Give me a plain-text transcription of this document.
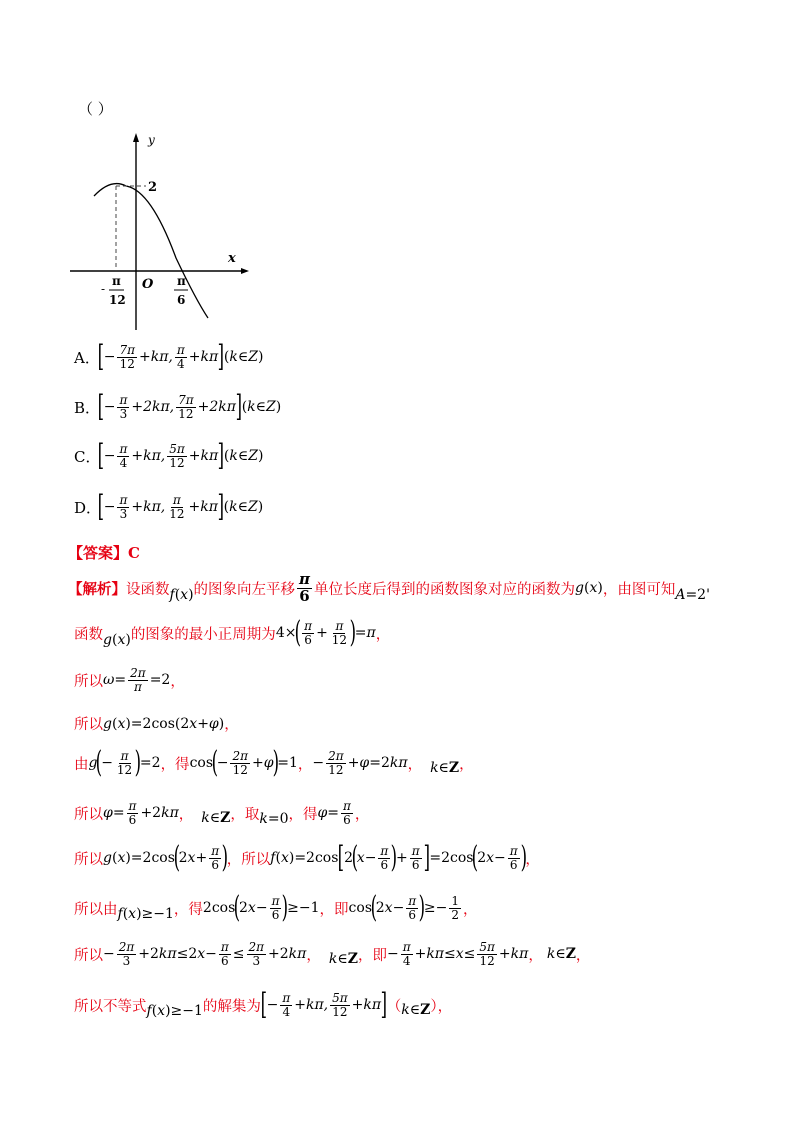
（ ）
y
x
2
O
π
12
-
π
6
A．
[ − $\frac{7\pi}{12} + k$ π, $\frac{\pi}{4} + k$ π ] ( k ∈ Z )
B．
[ − $\frac{\pi}{3} +2$ k π, $\frac{7\pi}{12} +2$ k π ] ( k ∈ Z )
C．
[ − $\frac{\pi}{4} + k$ π, $\frac{5\pi}{12} + k$ π ] ( k ∈ Z )
D．
[ − $\frac{\pi}{3} + k$ π, $\frac{\pi}{12} + k$ π ] ( k ∈ Z )
【答案】 C
【解析】 设函数 f ( x ) 的图象向左平移 $\frac{\pi}{6}$ 单位长度后得到的函数图象对应的函数为 g ( x ) ，由图可知 A =2'
函数 g ( x ) 的图象的最小正周期为 4×
( $\frac{\pi}{6} + \frac{\pi}{12}$ )
= π ，
所以 $\omega = \frac{2\pi}{\pi} =2$ ，
所以 g ( x )=2cos(2 x + φ ) ，
由 g
(
− $\frac{\pi}{12}$ )
=2 ，得 cos
(
− $\frac{2\pi}{12} +\varphi$
)
=1 ， − $\frac{2\pi}{12} +\varphi =2$ k π ， k ∈ Z ，
所以 $\varphi = \frac{\pi}{6} +2$ k π ， k ∈ Z ，取 k =0 ，得 $\varphi = \frac{\pi}{6}$ ，
所以 g ( x )=2cos
(
2 $x + \frac{\pi}{6}$ )
，所以 f ( x )=2cos [ 2
(
$x - \frac{\pi}{6}$ )
+ $\frac{\pi}{6}$ ] =2cos
(
2 $x - \frac{\pi}{6}$ )
，
所以由 f ( x )≥−1 ，得 2cos
(
2 $x - \frac{\pi}{6}$ )
≥−1 ，即 cos
(
2 $x - \frac{\pi}{6}$ )
≥− $\frac{1}{2}$ ，
所以 − $\frac{2\pi}{3} +2$ k π ≤2 $x - \frac{\pi}{6} \le \frac{2\pi}{3} +2$ k π ， k ∈ Z ，即 − $\frac{\pi}{4} + k$ $\pi \le x \le \frac{5\pi}{12} + k$ π ， k ∈ Z ，
所以不等式 f ( x )≥−1 的解集为 [ − $\frac{\pi}{4} + k$ π, $\frac{5\pi}{12} + k$ π ] （ k ∈ Z ），
